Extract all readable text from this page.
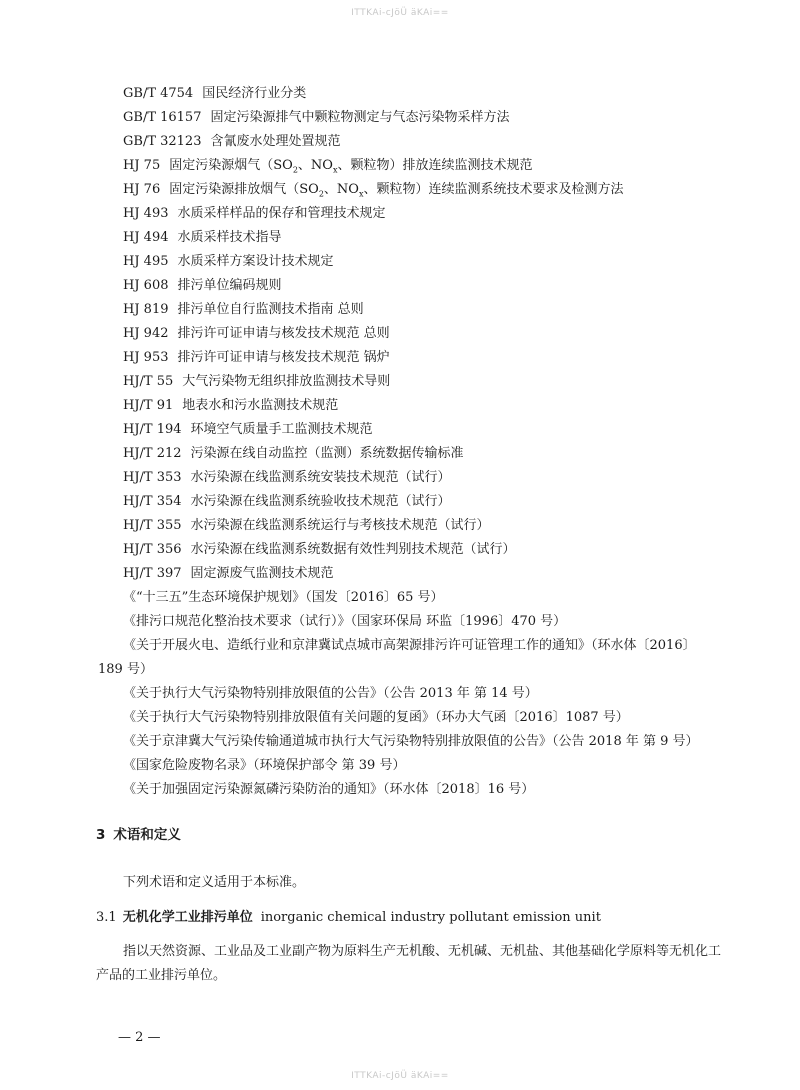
ITTKAi-cJöÜ äKAi==
GB/T 4754 国民经济行业分类
GB/T 16157 固定污染源排气中颗粒物测定与气态污染物采样方法
GB/T 32123 含氰废水处理处置规范
HJ 75 固定污染源烟气（$SO_2$、$NO_x$、颗粒物）排放连续监测技术规范
HJ 76 固定污染源排放烟气（$SO_2$、$NO_x$、颗粒物）连续监测系统技术要求及检测方法
HJ 493 水质采样样品的保存和管理技术规定
HJ 494 水质采样技术指导
HJ 495 水质采样方案设计技术规定
HJ 608 排污单位编码规则
HJ 819 排污单位自行监测技术指南 总则
HJ 942 排污许可证申请与核发技术规范 总则
HJ 953 排污许可证申请与核发技术规范 锅炉
HJ/T 55 大气污染物无组织排放监测技术导则
HJ/T 91 地表水和污水监测技术规范
HJ/T 194 环境空气质量手工监测技术规范
HJ/T 212 污染源在线自动监控（监测）系统数据传输标准
HJ/T 353 水污染源在线监测系统安装技术规范（试行）
HJ/T 354 水污染源在线监测系统验收技术规范（试行）
HJ/T 355 水污染源在线监测系统运行与考核技术规范（试行）
HJ/T 356 水污染源在线监测系统数据有效性判别技术规范（试行）
HJ/T 397 固定源废气监测技术规范
《“十三五”生态环境保护规划》（国发〔2016〕65 号）
《排污口规范化整治技术要求（试行）》（国家环保局 环监〔1996〕470 号）
《关于开展火电、造纸行业和京津冀试点城市高架源排污许可证管理工作的通知》（环水体〔2016〕
189 号）
《关于执行大气污染物特别排放限值的公告》（公告 2013 年 第 14 号）
《关于执行大气污染物特别排放限值有关问题的复函》（环办大气函〔2016〕1087 号）
《关于京津冀大气污染传输通道城市执行大气污染物特别排放限值的公告》（公告 2018 年 第 9 号）
《国家危险废物名录》（环境保护部令 第 39 号）
《关于加强固定污染源氮磷污染防治的通知》（环水体〔2018〕16 号）
3 术语和定义
下列术语和定义适用于本标准。
3.1 无机化学工业排污单位 inorganic chemical industry pollutant emission unit
指以天然资源、工业品及工业副产物为原料生产无机酸、无机碱、无机盐、其他基础化学原料等无机化工产品的工业排污单位。
— 2 —
ITTKAi-cJöÜ äKAi==
